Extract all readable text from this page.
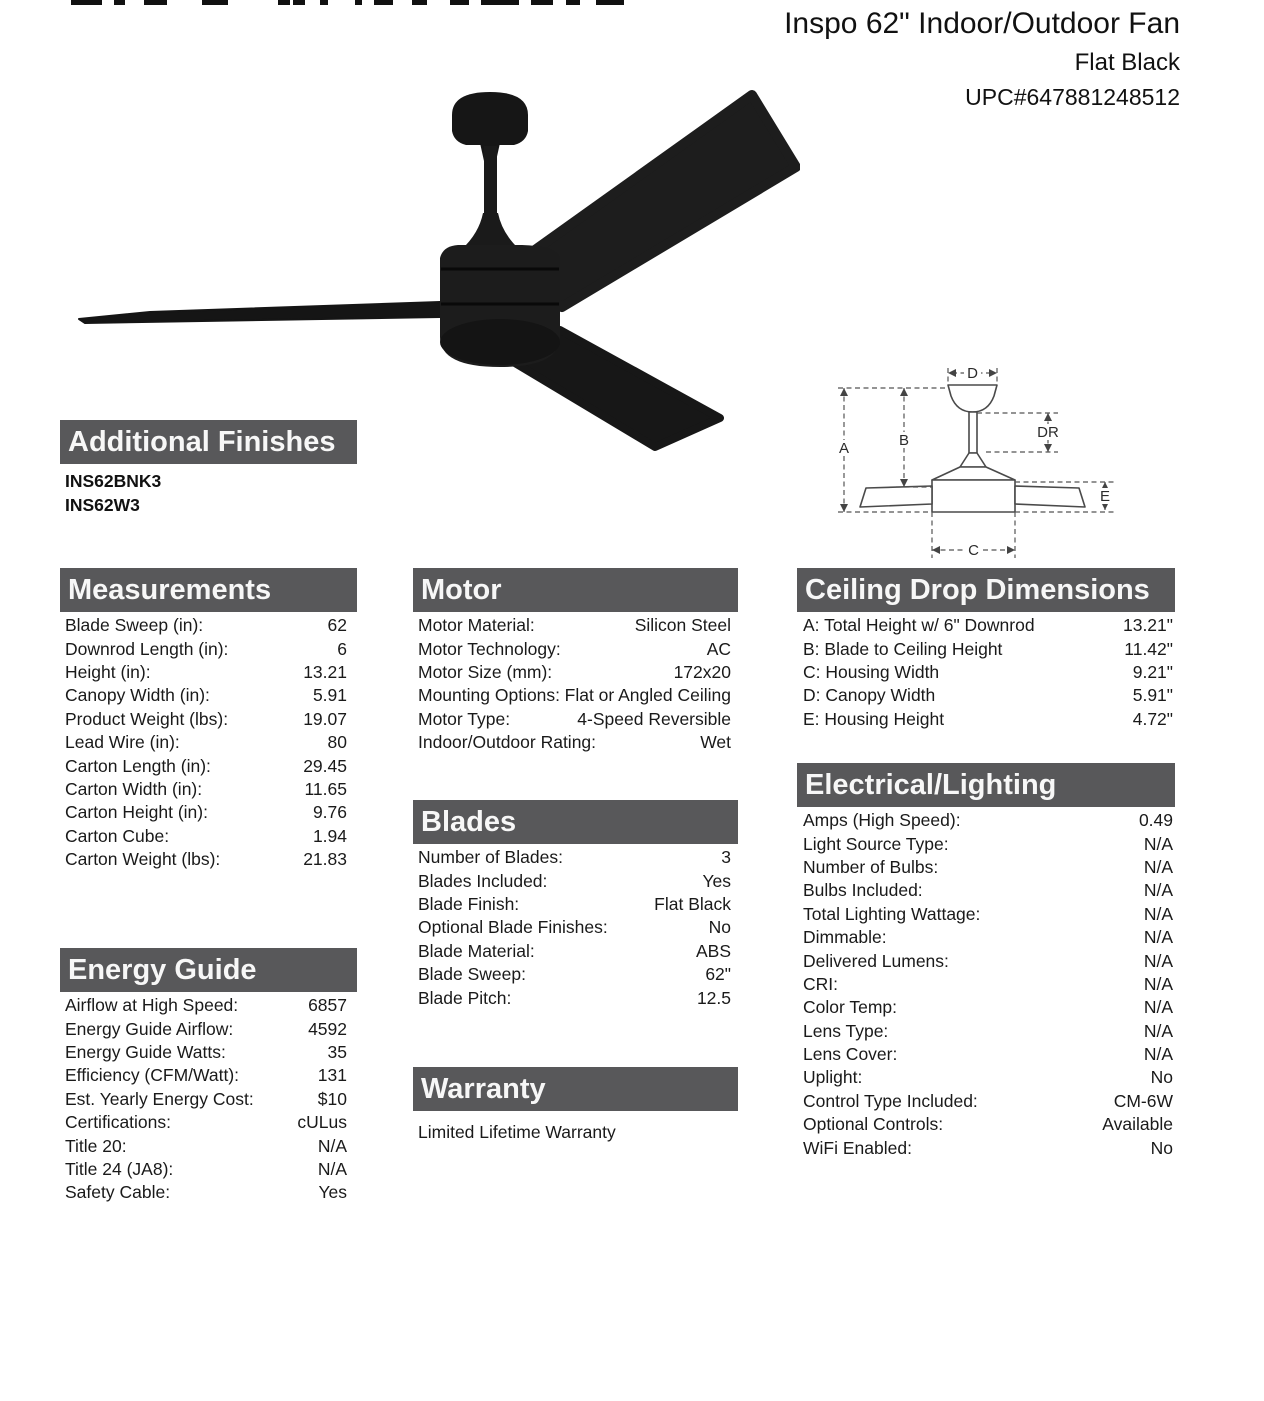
Inspo 62" Indoor/Outdoor Fan
Flat Black
UPC#647881248512
D
A	B	DR
E
C
Additional Finishes
INS62BNK3
INS62W3
Measurements
Blade Sweep (in):	62
Downrod Length (in):	6
Height (in):	13.21
Canopy Width (in):	5.91
Product Weight (lbs):	19.07
Lead Wire (in):	80
Carton Length (in):	29.45
Carton Width (in):	11.65
Carton Height (in):	9.76
Carton Cube:	1.94
Carton Weight (lbs):	21.83
Energy Guide
Airflow at High Speed:	6857
Energy Guide Airflow:	4592
Energy Guide Watts:	35
Efficiency (CFM/Watt):	131
Est. Yearly Energy Cost:	$10
Certifications:	cULus
Title 20:	N/A
Title 24 (JA8):	N/A
Safety Cable:	Yes
Motor
Motor Material:	Silicon Steel
Motor Technology:	AC
Motor Size (mm):	172x20
Mounting Options: Flat or Angled Ceiling
Motor Type:	4-Speed Reversible
Indoor/Outdoor Rating:	Wet
Blades
Number of Blades:	3
Blades Included:	Yes
Blade Finish:	Flat Black
Optional Blade Finishes:	No
Blade Material:	ABS
Blade Sweep:	62"
Blade Pitch:	12.5
Warranty
Limited Lifetime Warranty
Ceiling Drop Dimensions
A: Total Height w/ 6" Downrod	13.21"
B: Blade to Ceiling Height	11.42"
C: Housing Width	9.21"
D: Canopy Width	5.91"
E: Housing Height	4.72"
Electrical/Lighting
Amps (High Speed):	0.49
Light Source Type:	N/A
Number of Bulbs:	N/A
Bulbs Included:	N/A
Total Lighting Wattage:	N/A
Dimmable:	N/A
Delivered Lumens:	N/A
CRI:	N/A
Color Temp:	N/A
Lens Type:	N/A
Lens Cover:	N/A
Uplight:	No
Control Type Included:	CM-6W
Optional Controls:	Available
WiFi Enabled:	No
